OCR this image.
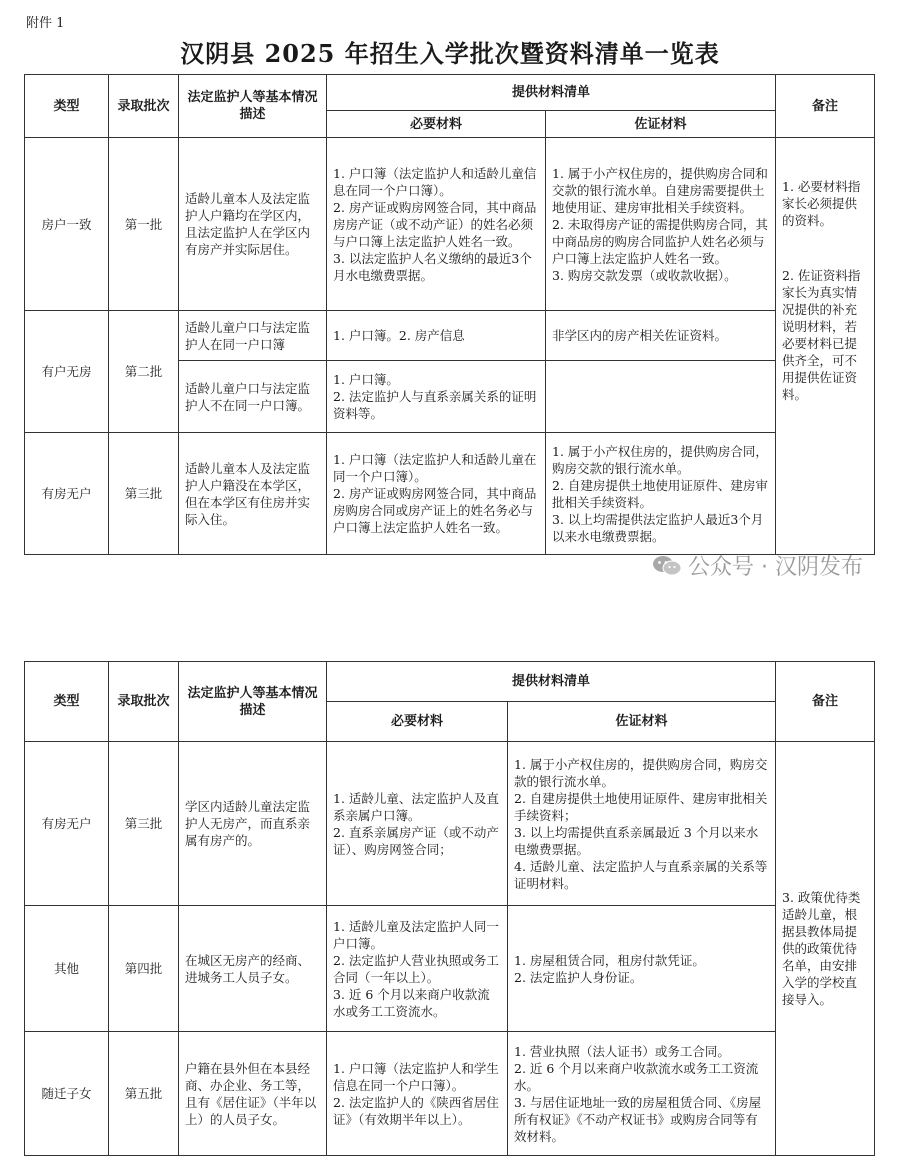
附件 1
汉阴县 2025 年招生入学批次暨资料清单一览表
类型	录取批次	法定监护人等基本情况描述	提供材料清单		备注
			必要材料	佐证材料	
房户一致	第一批	适龄儿童本人及法定监护人户籍均在学区内，且法定监护人在学区内有房产并实际居住。	1. 户口簿（法定监护人和适龄儿童信息在同一个户口簿）。
2. 房产证或购房网签合同，其中商品房房产证（或不动产证）的姓名必须与户口簿上法定监护人姓名一致。
3. 以法定监护人名义缴纳的最近3个月水电缴费票据。	1. 属于小产权住房的，提供购房合同和交款的银行流水单。自建房需要提供土地使用证、建房审批相关手续资料。
2. 未取得房产证的需提供购房合同，其中商品房的购房合同监护人姓名必须与户口簿上法定监护人姓名一致。
3. 购房交款发票（或收款收据）。	1. 必要材料指家长必须提供的资料。
2. 佐证资料指家长为真实情况提供的补充说明材料，若必要材料已提供齐全，可不用提供佐证资料。

有户无房	第二批	适龄儿童户口与法定监护人在同一户口簿	1. 户口簿。2. 房产信息	非学区内的房产相关佐证资料。	

		适龄儿童户口与法定监护人不在同一户口簿。	1. 户口簿。
2. 法定监护人与直系亲属关系的证明资料等。		

有房无户	第三批	适龄儿童本人及法定监护人户籍没在本学区，但在本学区有住房并实际入住。	1. 户口簿（法定监护人和适龄儿童在同一个户口簿）。
2. 房产证或购房网签合同，其中商品房购房合同或房产证上的姓名务必与户口簿上法定监护人姓名一致。	1. 属于小产权住房的，提供购房合同，购房交款的银行流水单。
2. 自建房提供土地使用证原件、建房审批相关手续资料。
3. 以上均需提供法定监护人最近3个月以来水电缴费票据。	
公众号 · 汉阴发布
类型	录取批次	法定监护人等基本情况描述	提供材料清单		备注
			必要材料	佐证材料	
有房无户	第三批	学区内适龄儿童法定监护人无房产，而直系亲属有房产的。	1. 适龄儿童、法定监护人及直系亲属户口簿。
2. 直系亲属房产证（或不动产证）、购房网签合同；	1. 属于小产权住房的，提供购房合同，购房交款的银行流水单。
2. 自建房提供土地使用证原件、建房审批相关手续资料；
3. 以上均需提供直系亲属最近 3 个月以来水电缴费票据。
4. 适龄儿童、法定监护人与直系亲属的关系等证明材料。	3. 政策优待类适龄儿童，根据县教体局提供的政策优待名单，由安排入学的学校直接导入。

其他	第四批	在城区无房产的经商、进城务工人员子女。	1. 适龄儿童及法定监护人同一户口簿。
2. 法定监护人营业执照或务工合同（一年以上）。
3. 近 6 个月以来商户收款流水或务工工资流水。	1. 房屋租赁合同，租房付款凭证。
2. 法定监护人身份证。	

随迁子女	第五批	户籍在县外但在本县经商、办企业、务工等，且有《居住证》（半年以上）的人员子女。	1. 户口簿（法定监护人和学生信息在同一个户口簿）。
2. 法定监护人的《陕西省居住证》（有效期半年以上）。	1. 营业执照（法人证书）或务工合同。
2. 近 6 个月以来商户收款流水或务工工资流水。
3. 与居住证地址一致的房屋租赁合同、《房屋所有权证》《不动产权证书》或购房合同等有效材料。	
